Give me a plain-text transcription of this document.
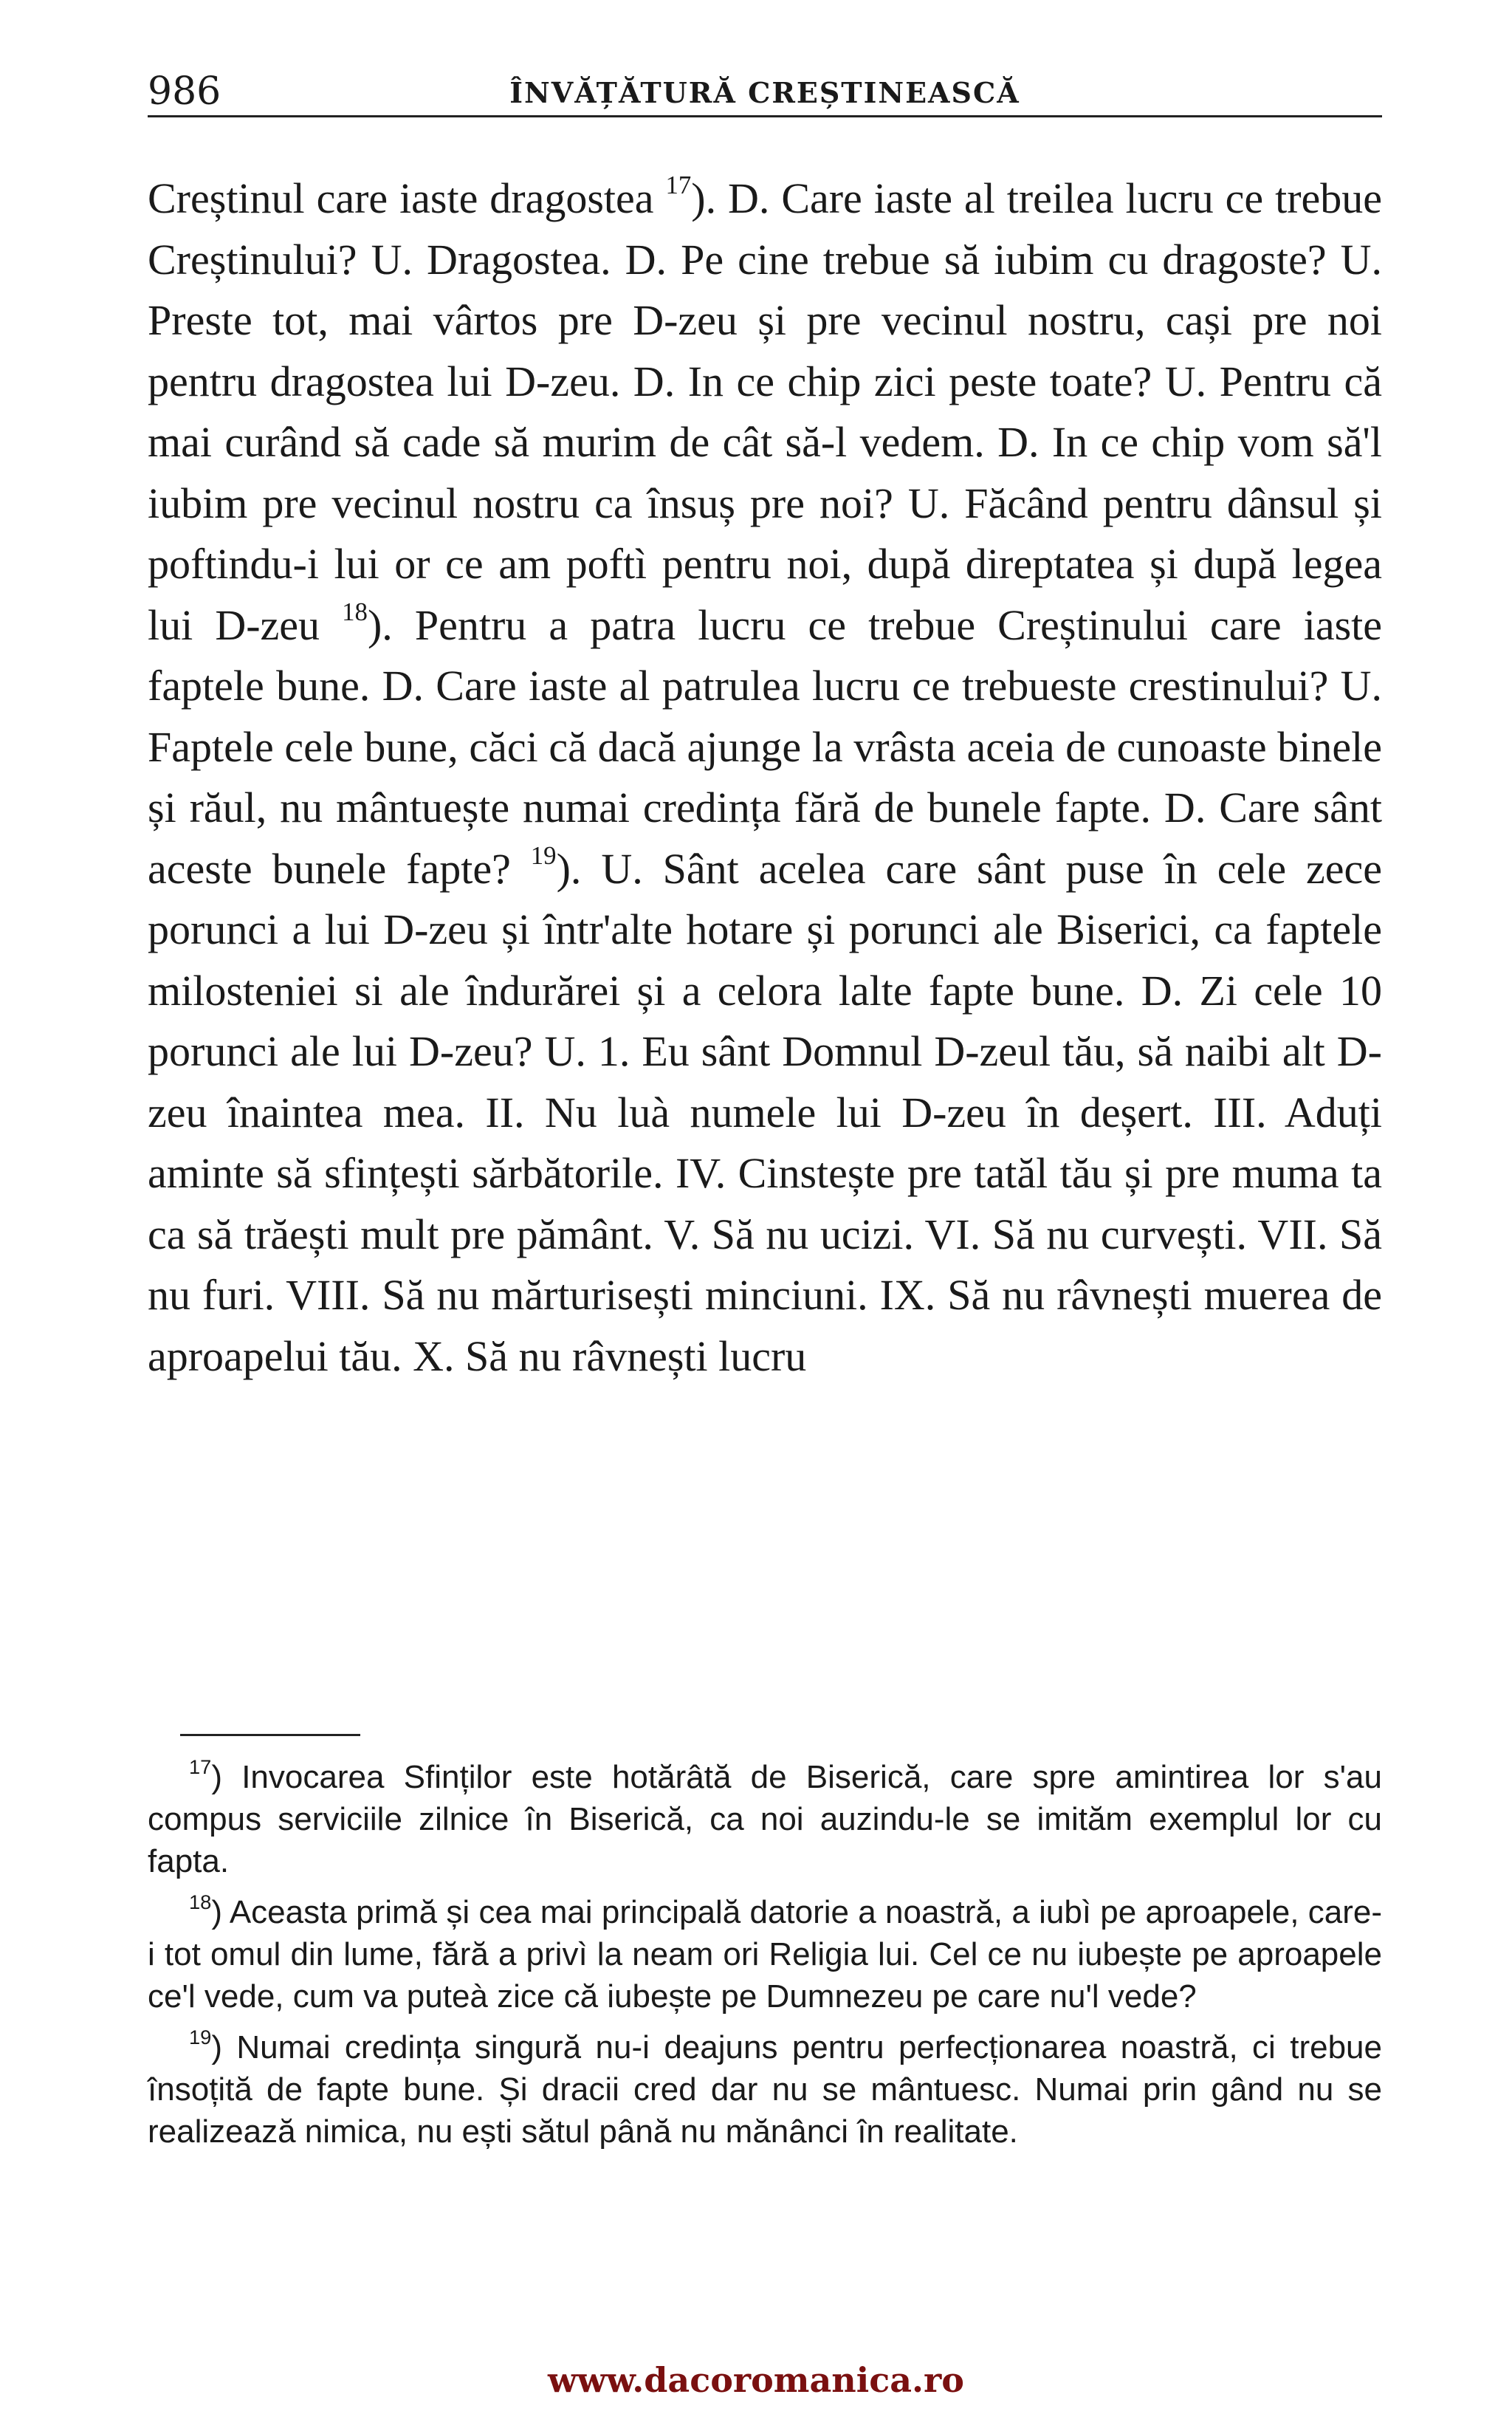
986	ÎNVĂȚĂTURĂ CREȘTINEASCĂ

Creștinul care iaste dragostea $^{17}$). D. Care iaste al treilea lucru ce trebue Creștinului? U. Dragostea. D. Pe cine trebue să iubim cu dragoste? U. Preste tot, mai vârtos pre D-zeu și pre vecinul nostru, cași pre noi pentru dragostea lui D-zeu. D. In ce chip zici peste toate? U. Pentru că mai curând să cade să murim de cât să-l vedem. D. In ce chip vom să'l iubim pre vecinul nostru ca însuș pre noi? U. Făcând pentru dânsul și poftindu-i lui or ce am poftì pentru noi, după direptatea și după legea lui D-zeu $^{18}$). Pentru a patra lucru ce trebue Creștinului care iaste faptele bune. D. Care iaste al patrulea lucru ce trebueste crestinului? U. Faptele cele bune, căci că dacă ajunge la vrâsta aceia de cunoaste binele și răul, nu mântuește numai credința fără de bunele fapte. D. Care sânt aceste bunele fapte? $^{19}$). U. Sânt acelea care sânt puse în cele zece porunci a lui D-zeu și într'alte hotare și porunci ale Biserici, ca faptele milosteniei si ale îndurărei și a celora lalte fapte bune. D. Zi cele 10 porunci ale lui D-zeu? U. 1. Eu sânt Domnul D-zeul tău, să naibi alt D-zeu înaintea mea. II. Nu luà numele lui D-zeu în deșert. III. Aduți aminte să sfințești sărbătorile. IV. Cinstește pre tatăl tău și pre muma ta ca să trăești mult pre pământ. V. Să nu ucizi. VI. Să nu curvești. VII. Să nu furi. VIII. Să nu mărturisești minciuni. IX. Să nu râvnești muerea de aproapelui tău. X. Să nu râvnești lucru

$^{17}$) Invocarea Sfinților este hotărâtă de Biserică, care spre amintirea lor s'au compus serviciile zilnice în Biserică, ca noi auzindu-le se imităm exemplul lor cu fapta.

$^{18}$) Aceasta primă și cea mai principală datorie a noastră, a iubì pe aproapele, care-i tot omul din lume, fără a privì la neam ori Religia lui. Cel ce nu iubește pe aproapele ce'l vede, cum va puteà zice că iubește pe Dumnezeu pe care nu'l vede?

$^{19}$) Numai credința singură nu-i deajuns pentru perfecționarea noastră, ci trebue însoțită de fapte bune. Și dracii cred dar nu se mântuesc. Numai prin gând nu se realizează nimica, nu ești sătul până nu mănânci în realitate.

www.dacoromanica.ro
